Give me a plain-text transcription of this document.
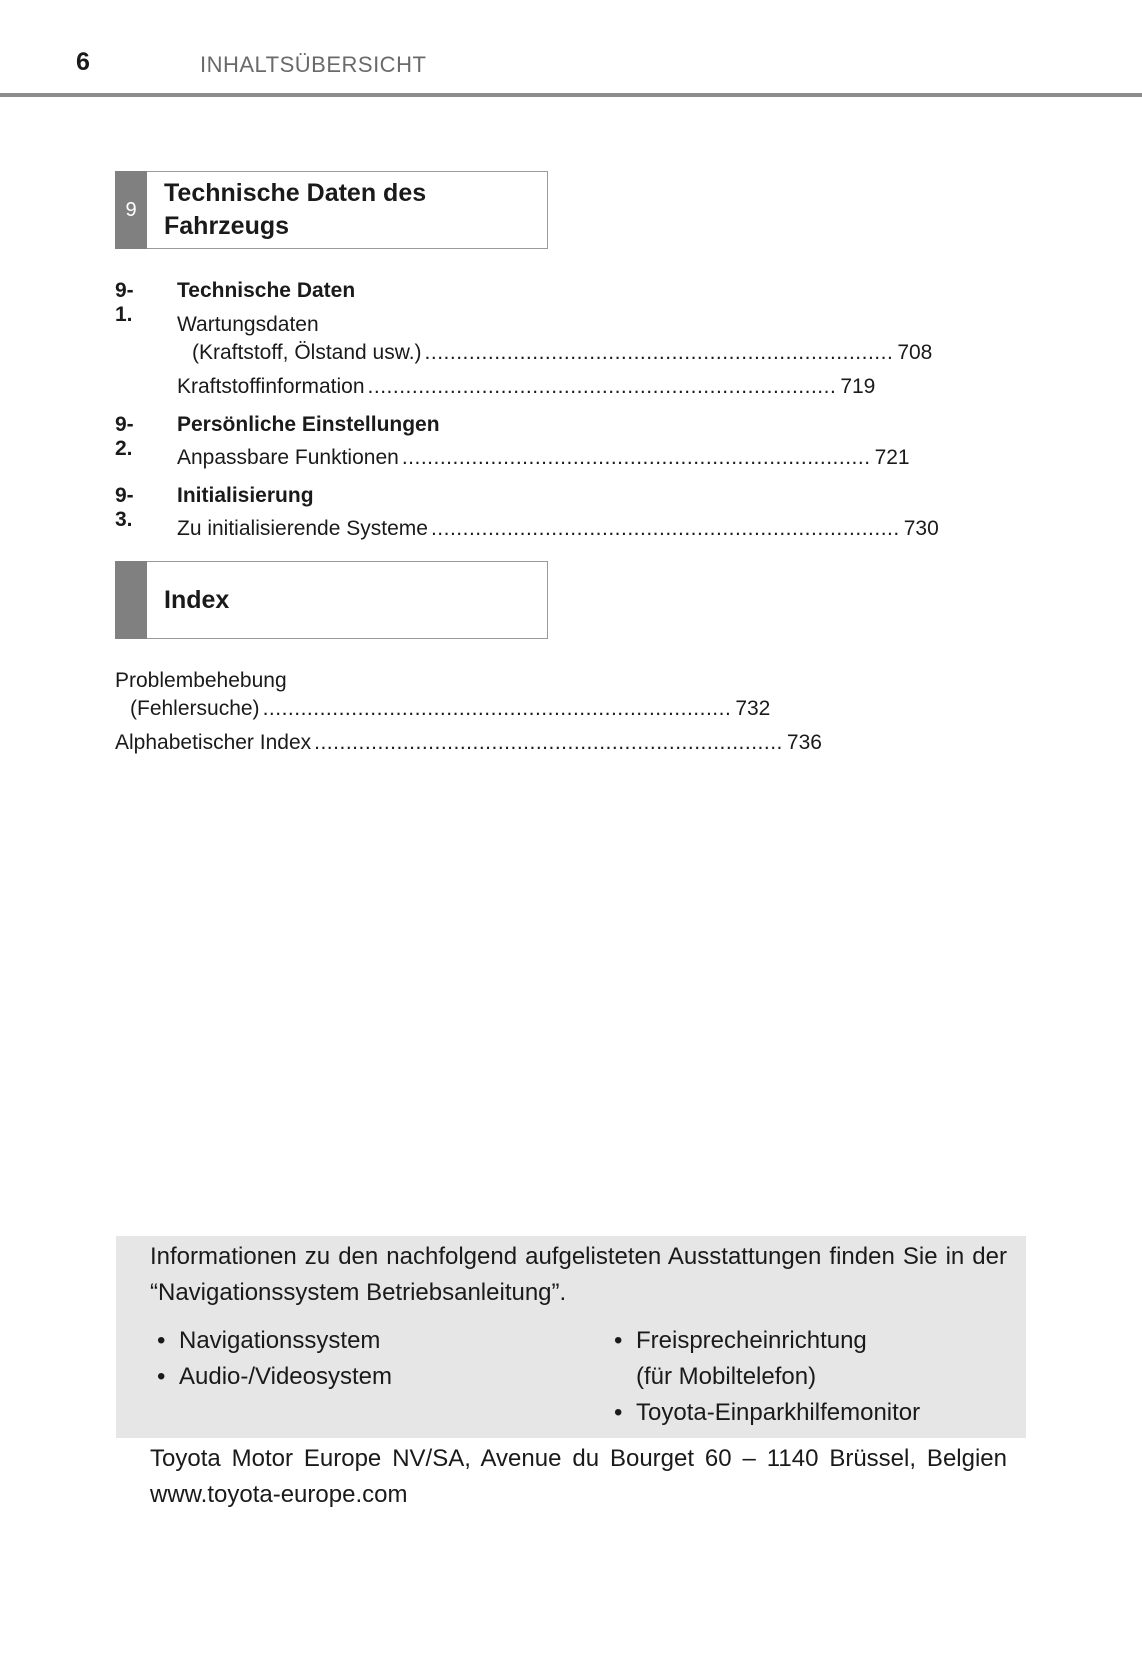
6	INHALTSÜBERSICHT
9
Technische Daten des
Fahrzeugs
9-1.
Technische Daten
Wartungsdaten
(Kraftstoff, Ölstand usw.) .......................................................................... 708
Kraftstoffinformation .......................................................................... 719
9-2.
Persönliche Einstellungen
Anpassbare Funktionen .......................................................................... 721
9-3.
Initialisierung
Zu initialisierende Systeme .......................................................................... 730
Index
Problembehebung
(Fehlersuche) .......................................................................... 732
Alphabetischer Index .......................................................................... 736
Informationen zu den nachfolgend aufgelisteten Ausstattungen finden Sie in der “Navigationssystem Betriebsanleitung”.
• Navigationssystem
• Audio-/Videosystem
• Freisprecheinrichtung
(für Mobiltelefon)
• Toyota-Einparkhilfemonitor
Toyota Motor Europe NV/SA, Avenue du Bourget 60 – 1140 Brüssel, Belgien www.toyota-europe.com
